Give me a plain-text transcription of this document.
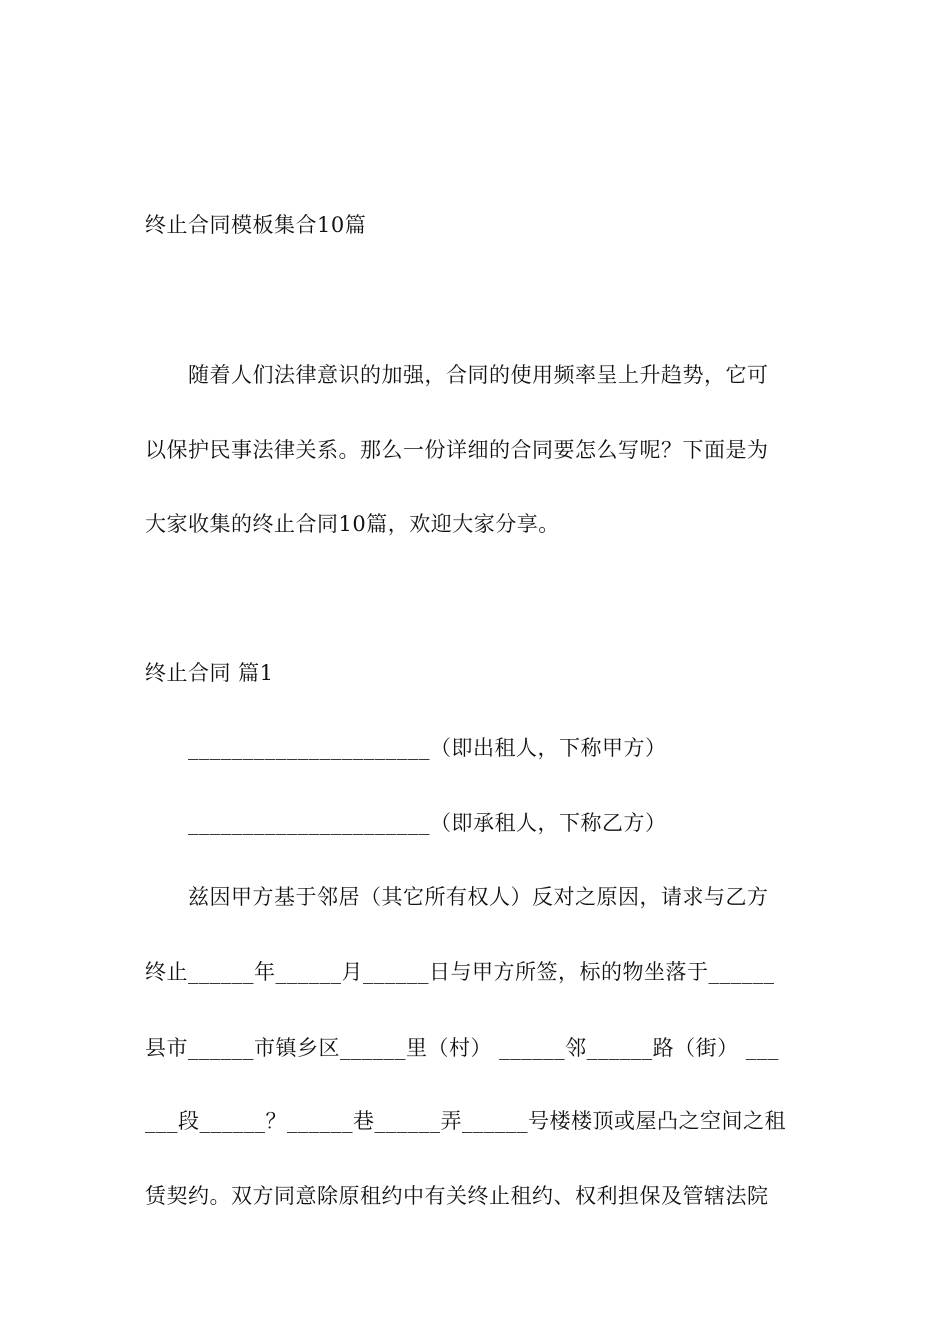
终止合同模板集合10篇
随着人们法律意识的加强，合同的使用频率呈上升趋势，它可
以保护民事法律关系。那么一份详细的合同要怎么写呢？下面是为
大家收集的终止合同10篇，欢迎大家分享。
终止合同 篇1
______________________（即出租人，下称甲方）
______________________（即承租人，下称乙方）
兹因甲方基于邻居（其它所有权人）反对之原因，请求与乙方
终止______年______月______日与甲方所签，标的物坐落于______
县市______市镇乡区______里（村） ______邻______路（街） ___
___段______？______巷______弄______号楼楼顶或屋凸之空间之租
赁契约。双方同意除原租约中有关终止租约、权利担保及管辖法院
